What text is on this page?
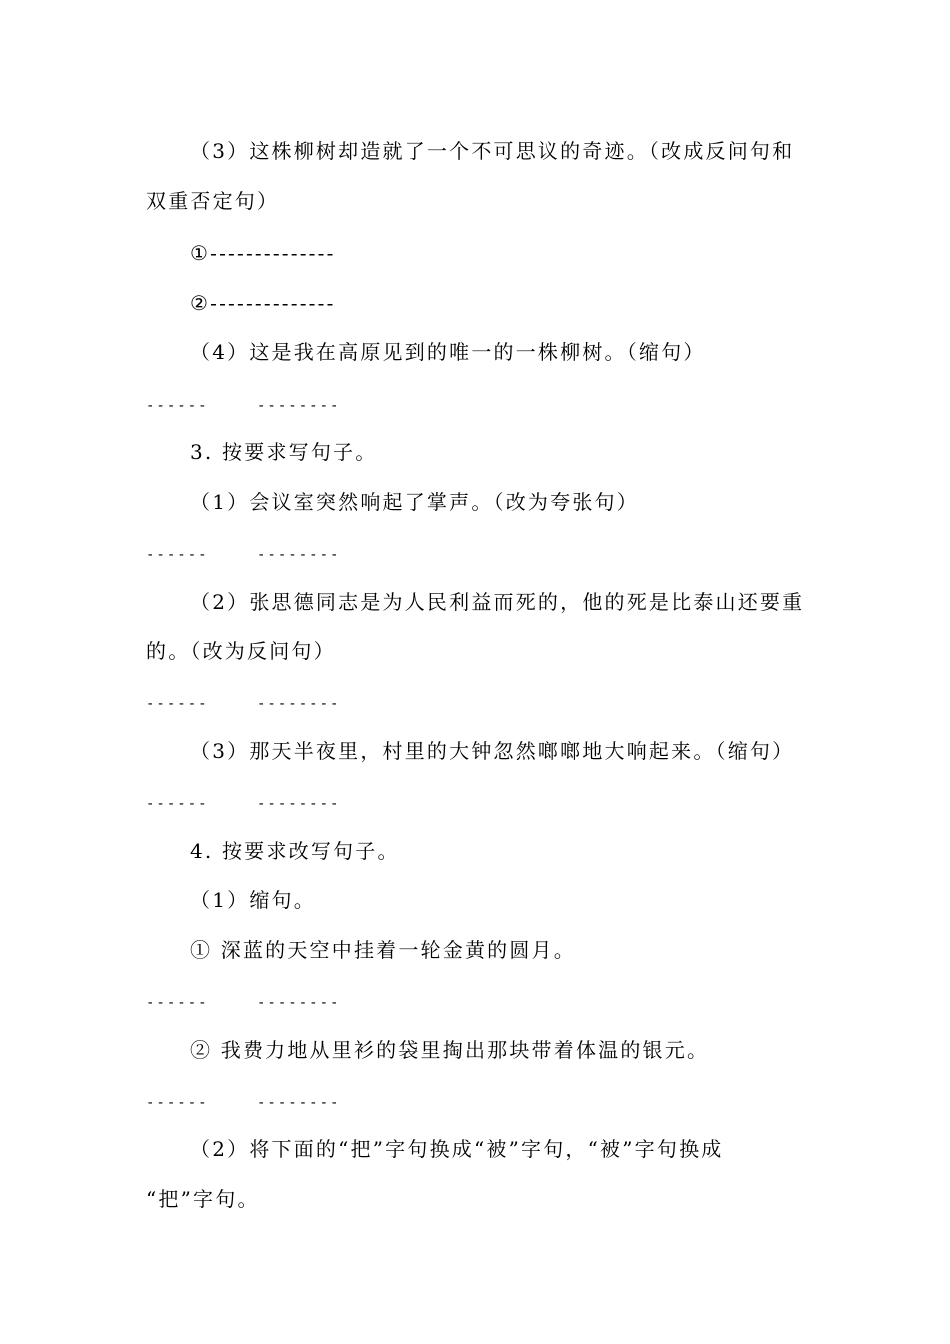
（3）这株柳树却造就了一个不可思议的奇迹。（改成反问句和
双重否定句）
①--------------
②--------------
（4）这是我在高原见到的唯一的一株柳树。（缩句）
------	--------
3. 按要求写句子。
（1）会议室突然响起了掌声。（改为夸张句）
------	--------
（2）张思德同志是为人民利益而死的，他的死是比泰山还要重
的。（改为反问句）
------	--------
（3）那天半夜里，村里的大钟忽然啷啷地大响起来。（缩句）
------	--------
4. 按要求改写句子。
（1）缩句。
① 深蓝的天空中挂着一轮金黄的圆月。
------	--------
② 我费力地从里衫的袋里掏出那块带着体温的银元。
------	--------
（2）将下面的“把”字句换成“被”字句，“被”字句换成
“把”字句。
